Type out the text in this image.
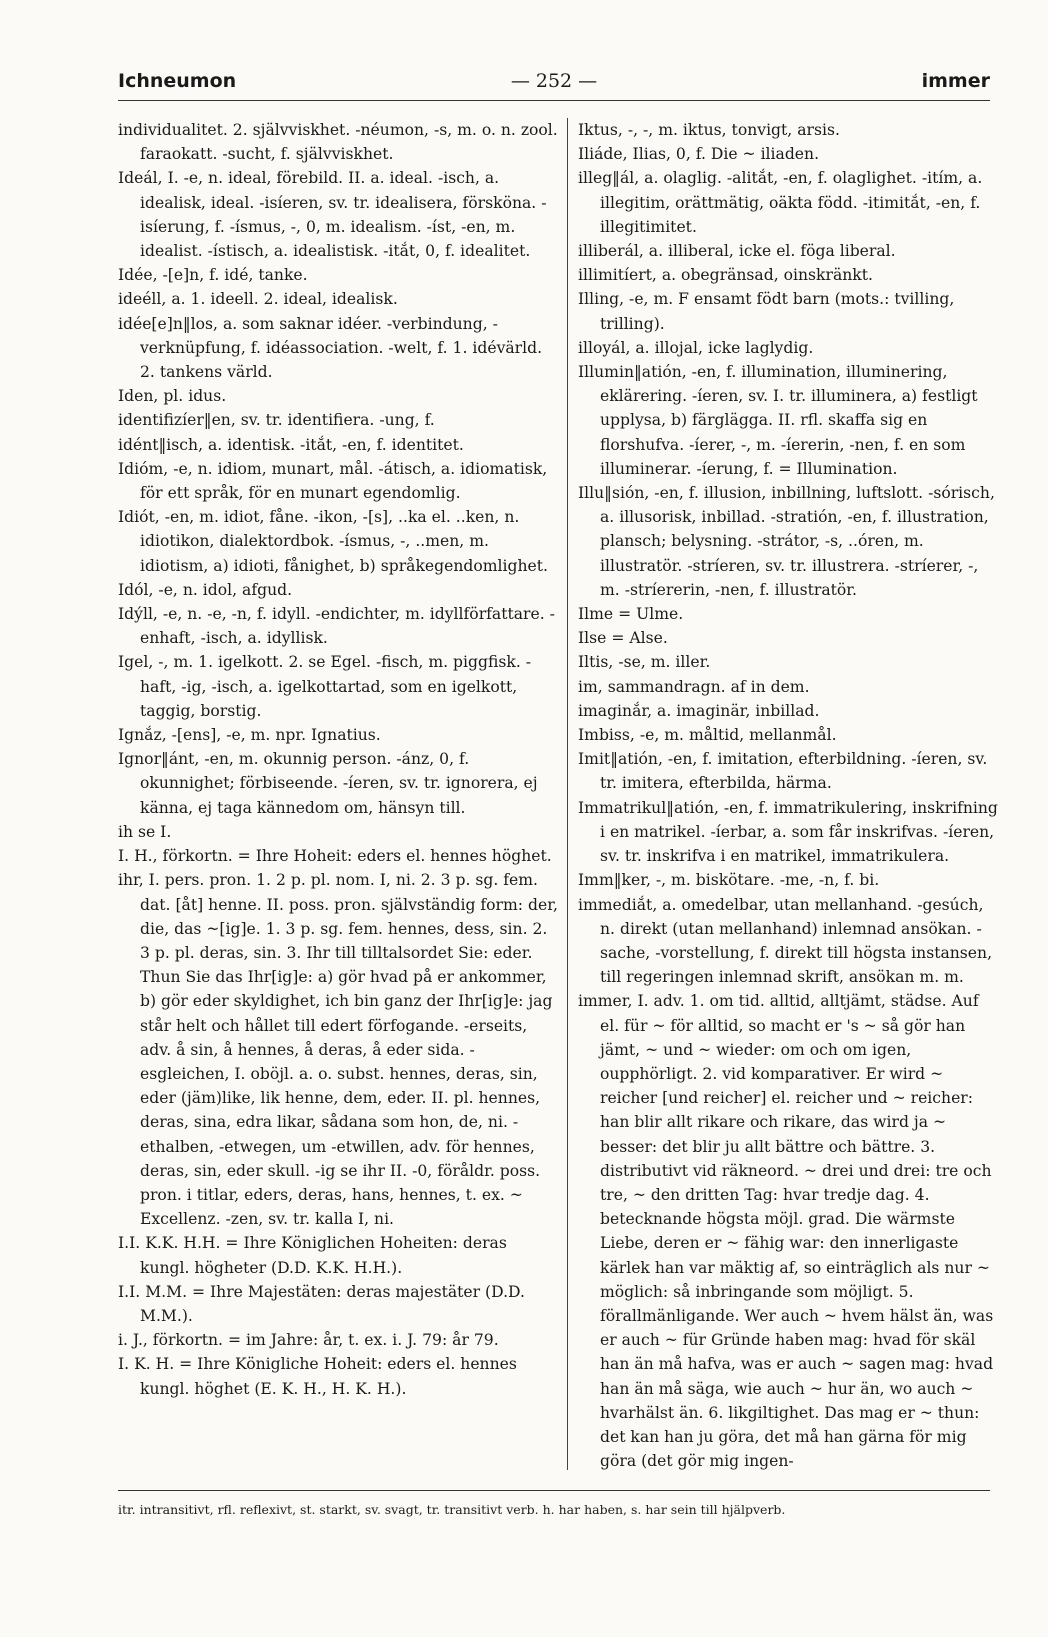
Ichneumon	— 252 —	immer

individualitet. 2. självviskhet. -néumon, -s, m. o. n. zool. faraokatt. -sucht, f. självviskhet.

Ideál, I. -e, n. ideal, förebild. II. a. ideal. -isch, a. idealisk, ideal. -isíeren, sv. tr. idealisera, försköna. -isíerung, f. -ísmus, -, 0, m. idealism. -íst, -en, m. idealist. -ístisch, a. idealistisk. -itắt, 0, f. idealitet.

Idée, -[e]n, f. idé, tanke.

ideéll, a. 1. ideell. 2. ideal, idealisk.

idée[e]n‖los, a. som saknar idéer. -verbindung, -verknüpfung, f. idéassociation. -welt, f. 1. idévärld. 2. tankens värld.

Iden, pl. idus.

identifizíer‖en, sv. tr. identifiera. -ung, f.

idént‖isch, a. identisk. -itắt, -en, f. identitet.

Idióm, -e, n. idiom, munart, mål. -átisch, a. idiomatisk, för ett språk, för en munart egendomlig.

Idiót, -en, m. idiot, fåne. -ikon, -[s], ..ka el. ..ken, n. idiotikon, dialektordbok. -ísmus, -, ..men, m. idiotism, a) idioti, fånighet, b) språkegendomlighet.

Idól, -e, n. idol, afgud.

Idýll, -e, n. -e, -n, f. idyll. -endichter, m. idyllförfattare. -enhaft, -isch, a. idyllisk.

Igel, -, m. 1. igelkott. 2. se Egel. -fisch, m. piggfisk. -haft, -ig, -isch, a. igelkottartad, som en igelkott, taggig, borstig.

Ignắz, -[ens], -e, m. npr. Ignatius.

Ignor‖ánt, -en, m. okunnig person. -ánz, 0, f. okunnighet; förbiseende. -íeren, sv. tr. ignorera, ej känna, ej taga kännedom om, hänsyn till.

ih se I.

I. H., förkortn. = Ihre Hoheit: eders el. hennes höghet.

ihr, I. pers. pron. 1. 2 p. pl. nom. I, ni. 2. 3 p. sg. fem. dat. [åt] henne. II. poss. pron. självständig form: der, die, das ~[ig]e. 1. 3 p. sg. fem. hennes, dess, sin. 2. 3 p. pl. deras, sin. 3. Ihr till tilltalsordet Sie: eder. Thun Sie das Ihr[ig]e: a) gör hvad på er ankommer, b) gör eder skyldighet, ich bin ganz der Ihr[ig]e: jag står helt och hållet till edert förfogande. -erseits, adv. å sin, å hennes, å deras, å eder sida. -esgleichen, I. oböjl. a. o. subst. hennes, deras, sin, eder (jäm)like, lik henne, dem, eder. II. pl. hennes, deras, sina, edra likar, sådana som hon, de, ni. -ethalben, -etwegen, um -etwillen, adv. för hennes, deras, sin, eder skull. -ig se ihr II. -0, föråldr. poss. pron. i titlar, eders, deras, hans, hennes, t. ex. ~ Excellenz. -zen, sv. tr. kalla I, ni.

I.I. K.K. H.H. = Ihre Königlichen Hoheiten: deras kungl. högheter (D.D. K.K. H.H.).

I.I. M.M. = Ihre Majestäten: deras majestäter (D.D. M.M.).

i. J., förkortn. = im Jahre: år, t. ex. i. J. 79: år 79.

I. K. H. = Ihre Königliche Hoheit: eders el. hennes kungl. höghet (E. K. H., H. K. H.).

Iktus, -, -, m. iktus, tonvigt, arsis.

Iliáde, Ilias, 0, f. Die ~ iliaden.

illeg‖ál, a. olaglig. -alitắt, -en, f. olaglighet. -itím, a. illegitim, orättmätig, oäkta född. -itimitắt, -en, f. illegitimitet.

illiberál, a. illiberal, icke el. föga liberal.

illimitíert, a. obegränsad, oinskränkt.

Illing, -e, m. F ensamt födt barn (mots.: tvilling, trilling).

illoyál, a. illojal, icke laglydig.

Illumin‖atión, -en, f. illumination, illuminering, eklärering. -íeren, sv. I. tr. illuminera, a) festligt upplysa, b) färglägga. II. rfl. skaffa sig en florshufva. -íerer, -, m. -íererin, -nen, f. en som illuminerar. -íerung, f. = Illumination.

Illu‖sión, -en, f. illusion, inbillning, luftslott. -sórisch, a. illusorisk, inbillad. -stratión, -en, f. illustration, plansch; belysning. -strátor, -s, ..óren, m. illustratör. -stríeren, sv. tr. illustrera. -stríerer, -, m. -stríererin, -nen, f. illustratör.

Ilme = Ulme.

Ilse = Alse.

Iltis, -se, m. iller.

im, sammandragn. af in dem.

imaginắr, a. imaginär, inbillad.

Imbiss, -e, m. måltid, mellanmål.

Imit‖atión, -en, f. imitation, efterbildning. -íeren, sv. tr. imitera, efterbilda, härma.

Immatrikul‖atión, -en, f. immatrikulering, inskrifning i en matrikel. -íerbar, a. som får inskrifvas. -íeren, sv. tr. inskrifva i en matrikel, immatrikulera.

Imm‖ker, -, m. biskötare. -me, -n, f. bi.

immediắt, a. omedelbar, utan mellanhand. -gesúch, n. direkt (utan mellanhand) inlemnad ansökan. -sache, -vorstellung, f. direkt till högsta instansen, till regeringen inlemnad skrift, ansökan m. m.

immer, I. adv. 1. om tid. alltid, alltjämt, städse. Auf el. für ~ för alltid, so macht er 's ~ så gör han jämt, ~ und ~ wieder: om och om igen, oupphörligt. 2. vid komparativer. Er wird ~ reicher [und reicher] el. reicher und ~ reicher: han blir allt rikare och rikare, das wird ja ~ besser: det blir ju allt bättre och bättre. 3. distributivt vid räkneord. ~ drei und drei: tre och tre, ~ den dritten Tag: hvar tredje dag. 4. betecknande högsta möjl. grad. Die wärmste Liebe, deren er ~ fähig war: den innerligaste kärlek han var mäktig af, so einträglich als nur ~ möglich: så inbringande som möjligt. 5. förallmänligande. Wer auch ~ hvem hälst än, was er auch ~ für Gründe haben mag: hvad för skäl han än må hafva, was er auch ~ sagen mag: hvad han än må säga, wie auch ~ hur än, wo auch ~ hvarhälst än. 6. likgiltighet. Das mag er ~ thun: det kan han ju göra, det må han gärna för mig göra (det gör mig ingen-

itr. intransitivt, rfl. reflexivt, st. starkt, sv. svagt, tr. transitivt verb. h. har haben, s. har sein till hjälpverb.
